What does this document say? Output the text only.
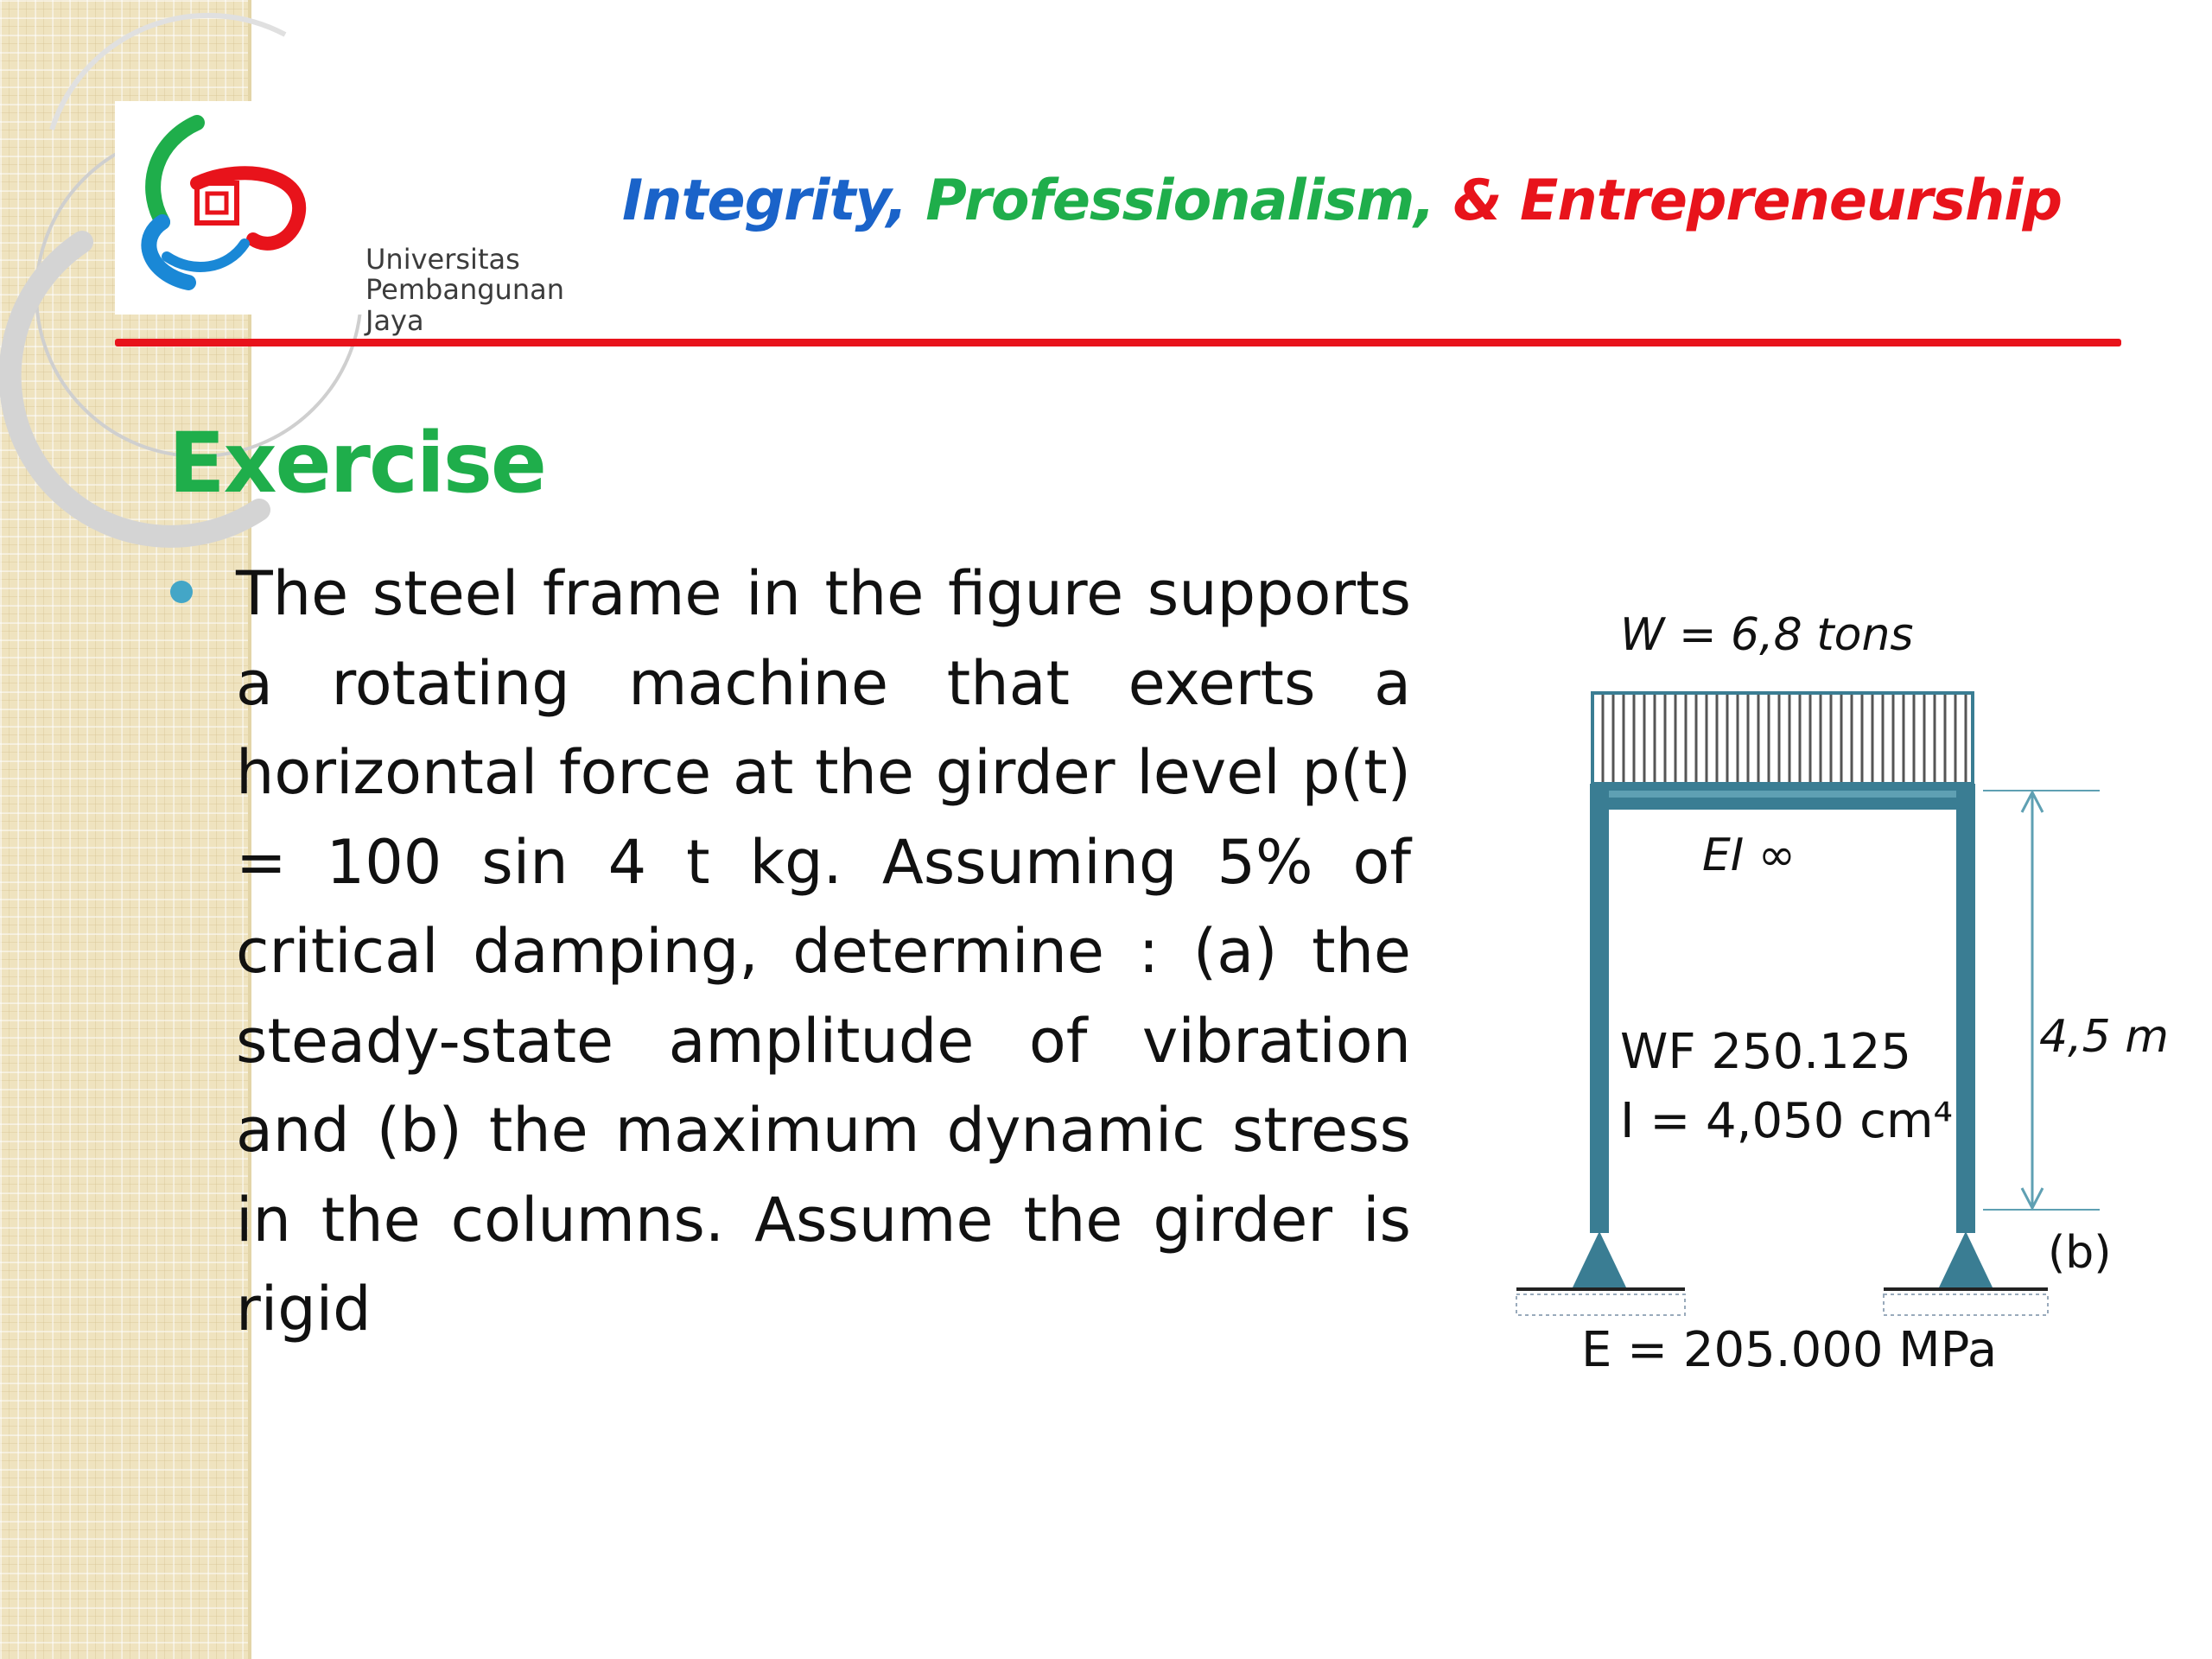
Universitas
Pembangunan Jaya
Integrity, Professionalism, & Entrepreneurship
Exercise
The steel frame in the figure supports a rotating machine that exerts a horizontal force at the girder level p(t) = 100 sin 4 t kg. Assuming 5% of critical damping, determine : (a) the steady-state amplitude of vibration and (b) the maximum dynamic stress in the columns. Assume the girder is rigid
W = 6,8 tons
EI ∞
WF 250.125
I = 4,050 cm⁴
4,5 m
(b)
E = 205.000 MPa
